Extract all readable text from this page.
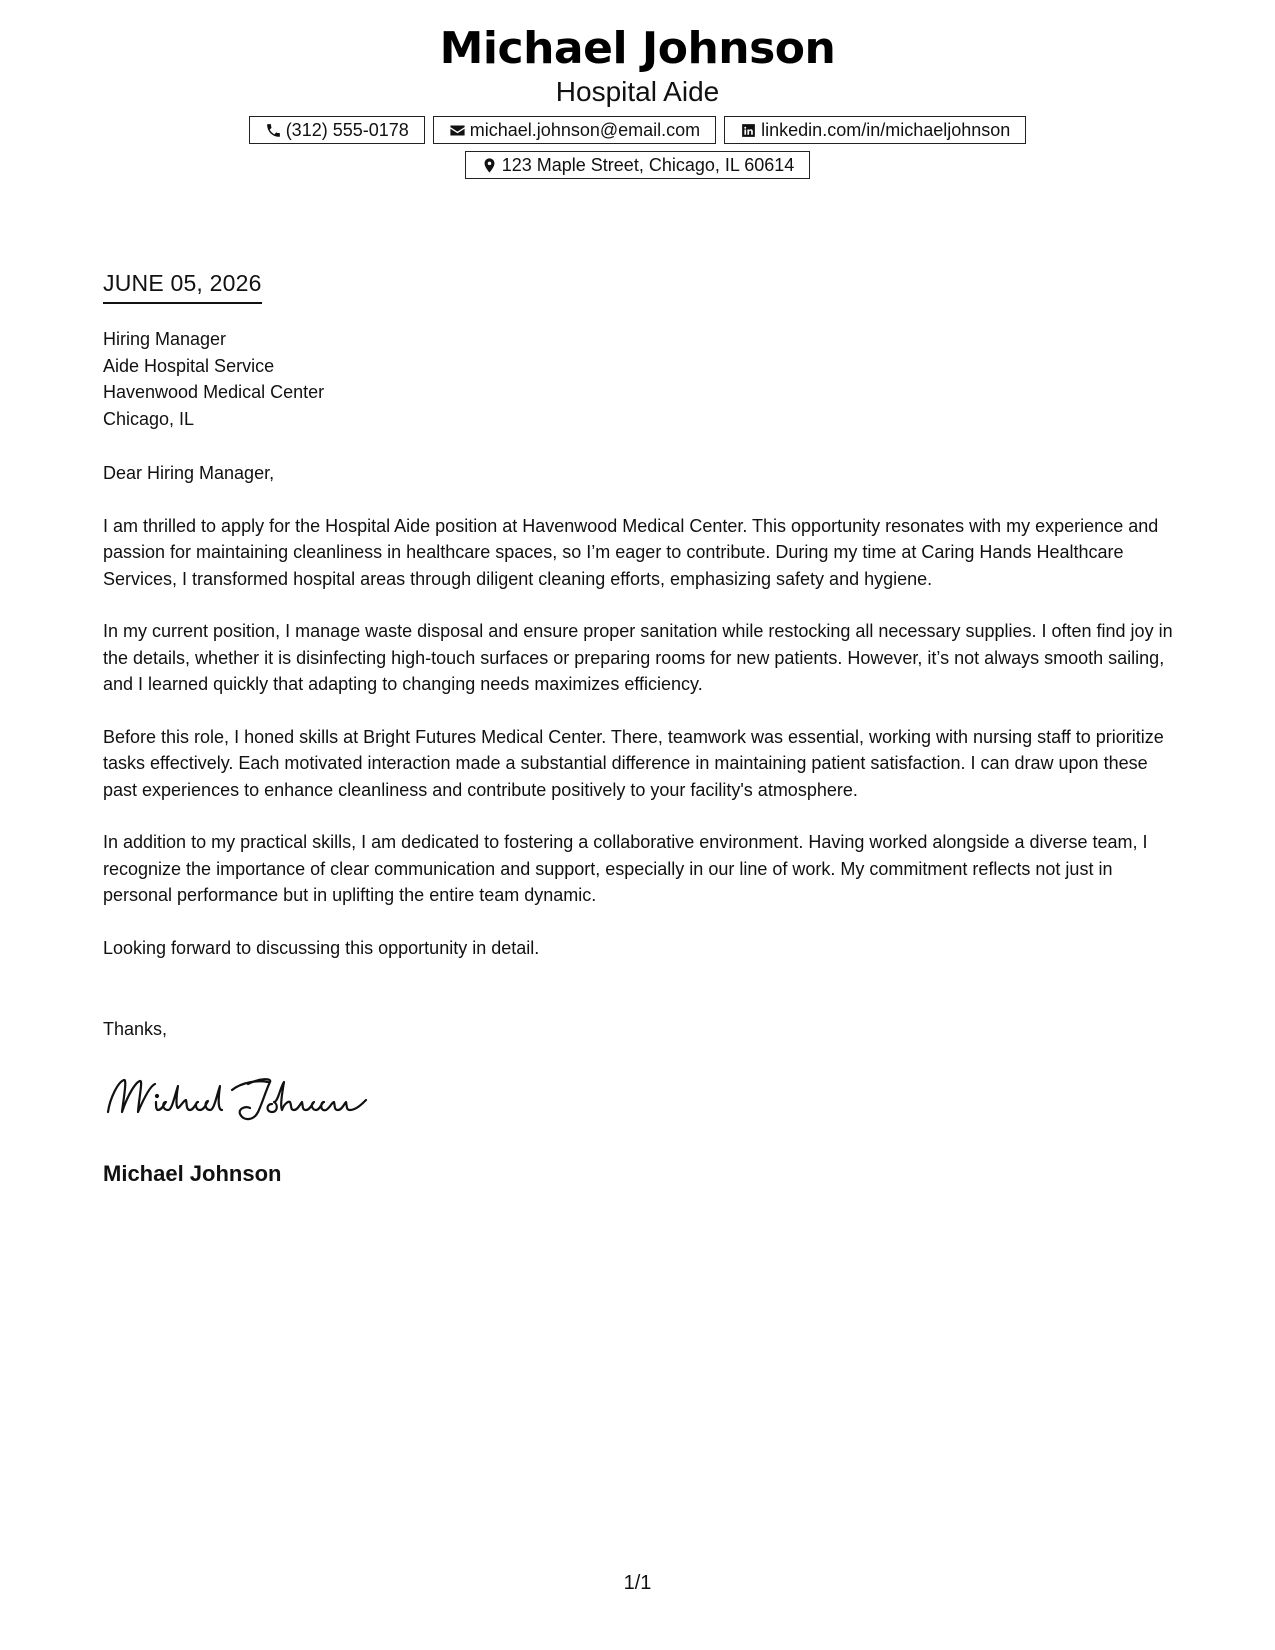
Michael Johnson
Hospital Aide
(312) 555-0178	michael.johnson@email.com	linkedin.com/in/michaeljohnson
123 Maple Street, Chicago, IL 60614
JUNE 05, 2026
Hiring Manager
Aide Hospital Service
Havenwood Medical Center
Chicago, IL

Dear Hiring Manager,

I am thrilled to apply for the Hospital Aide position at Havenwood Medical Center. This opportunity resonates with my experience and passion for maintaining cleanliness in healthcare spaces, so I’m eager to contribute. During my time at Caring Hands Healthcare Services, I transformed hospital areas through diligent cleaning efforts, emphasizing safety and hygiene.

In my current position, I manage waste disposal and ensure proper sanitation while restocking all necessary supplies. I often find joy in the details, whether it is disinfecting high-touch surfaces or preparing rooms for new patients. However, it’s not always smooth sailing, and I learned quickly that adapting to changing needs maximizes efficiency.

Before this role, I honed skills at Bright Futures Medical Center. There, teamwork was essential, working with nursing staff to prioritize tasks effectively. Each motivated interaction made a substantial difference in maintaining patient satisfaction. I can draw upon these past experiences to enhance cleanliness and contribute positively to your facility's atmosphere.

In addition to my practical skills, I am dedicated to fostering a collaborative environment. Having worked alongside a diverse team, I recognize the importance of clear communication and support, especially in our line of work. My commitment reflects not just in personal performance but in uplifting the entire team dynamic.

Looking forward to discussing this opportunity in detail.

Thanks,
Michael Johnson
Michael Johnson
1/1
